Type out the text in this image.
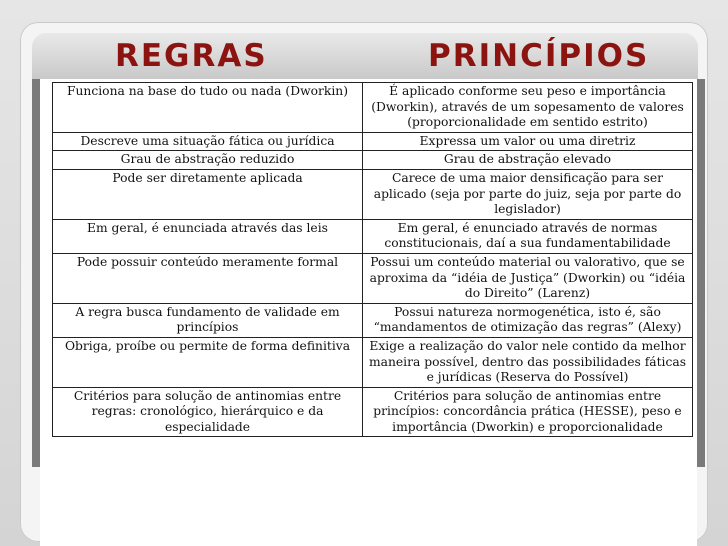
REGRAS	PRINCÍPIOS
Funciona na base do tudo ou nada (Dworkin)	É aplicado conforme seu peso e importância (Dworkin), através de um sopesamento de valores (proporcionalidade em sentido estrito)
Descreve uma situação fática ou jurídica	Expressa um valor ou uma diretriz
Grau de abstração reduzido	Grau de abstração elevado
Pode ser diretamente aplicada	Carece de uma maior densificação para ser aplicado (seja por parte do juiz, seja por parte do legislador)
Em geral, é enunciada através das leis	Em geral, é enunciado através de normas constitucionais, daí a sua fundamentabilidade
Pode possuir conteúdo meramente formal	Possui um conteúdo material ou valorativo, que se aproxima da “idéia de Justiça” (Dworkin) ou “idéia do Direito” (Larenz)
A regra busca fundamento de validade em princípios	Possui natureza normogenética, isto é, são “mandamentos de otimização das regras” (Alexy)
Obriga, proíbe ou permite de forma definitiva	Exige a realização do valor nele contido da melhor maneira possível, dentro das possibilidades fáticas e jurídicas (Reserva do Possível)
Critérios para solução de antinomias entre regras: cronológico, hierárquico e da especialidade	Critérios para solução de antinomias entre princípios: concordância prática (HESSE), peso e importância (Dworkin) e proporcionalidade
